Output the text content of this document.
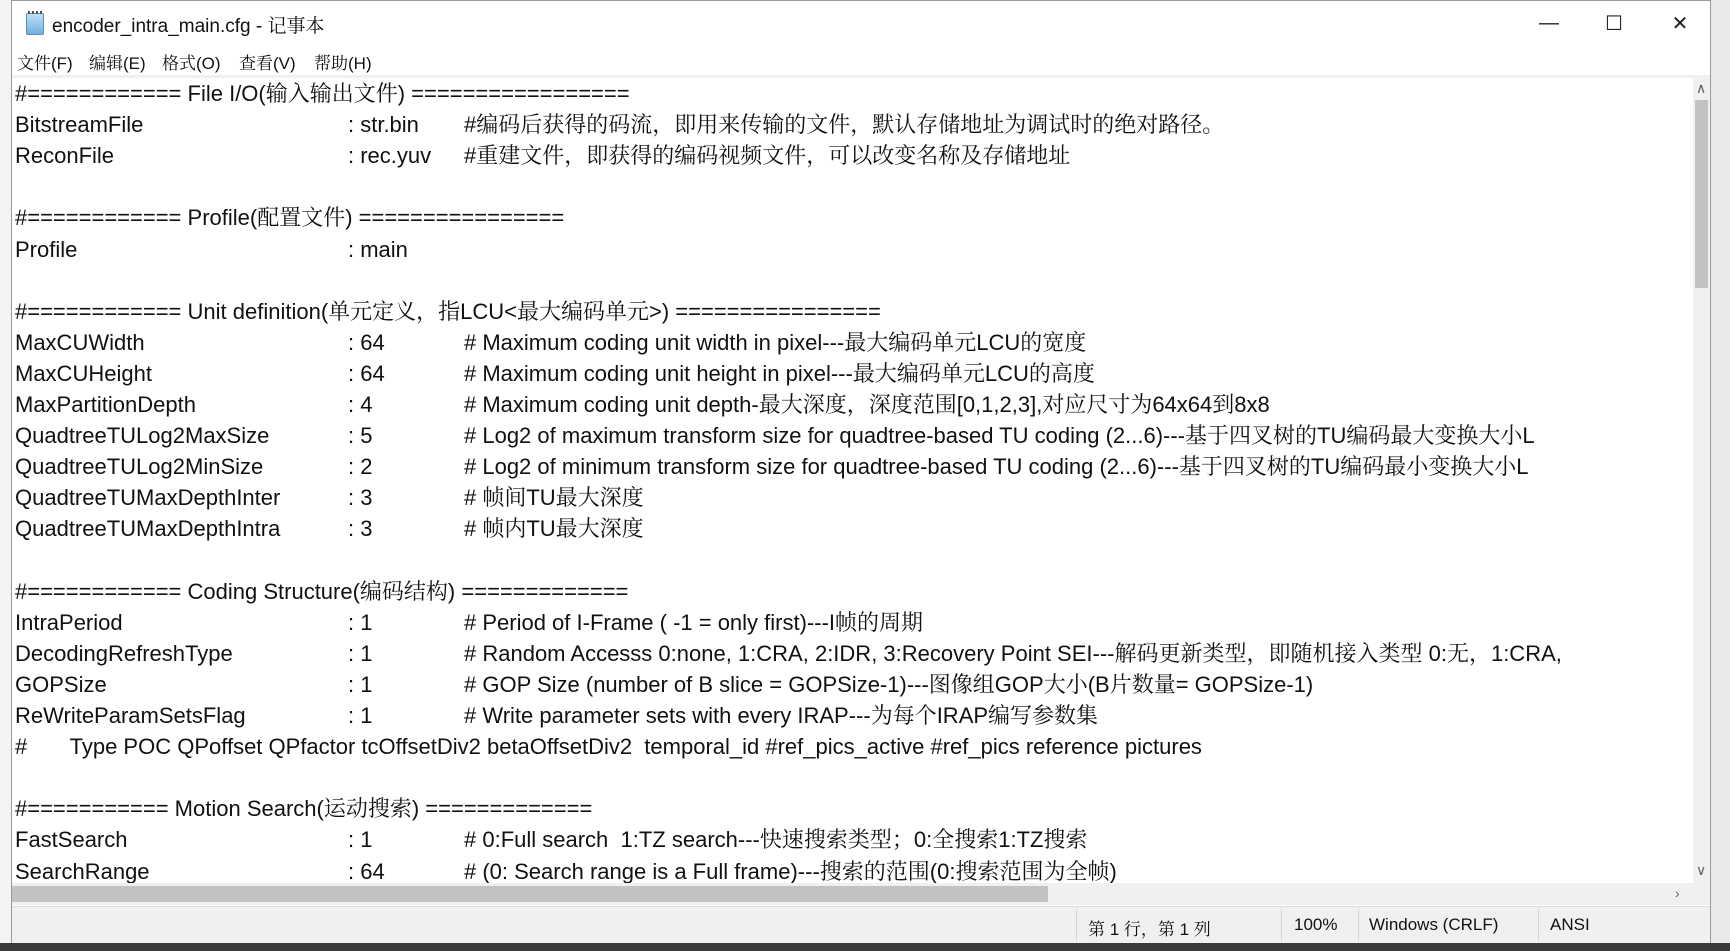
encoder_intra_main.cfg - 记事本	—	☐	✕
文件(F) 编辑(E) 格式(O) 查看(V) 帮助(H)
#============ File I/O(输入输出文件) =================
BitstreamFile	: str.bin #编码后获得的码流，即用来传输的文件，默认存储地址为调试时的绝对路径。
ReconFile	: rec.yuv #重建文件，即获得的编码视频文件，可以改变名称及存储地址
#============ Profile(配置文件) ================
Profile	: main
#============ Unit definition(单元定义，指LCU<最大编码单元>) ================
MaxCUWidth	: 64	# Maximum coding unit width in pixel---最大编码单元LCU的宽度
MaxCUHeight	: 64	# Maximum coding unit height in pixel---最大编码单元LCU的高度
MaxPartitionDepth	: 4	# Maximum coding unit depth-最大深度，深度范围[0,1,2,3],对应尺寸为64x64到8x8
QuadtreeTULog2MaxSize	: 5	# Log2 of maximum transform size for quadtree-based TU coding (2...6)---基于四叉树的TU编码最大变换大小L
QuadtreeTULog2MinSize	: 2	# Log2 of minimum transform size for quadtree-based TU coding (2...6)---基于四叉树的TU编码最小变换大小L
QuadtreeTUMaxDepthInter	: 3	# 帧间TU最大深度
QuadtreeTUMaxDepthIntra	: 3	# 帧内TU最大深度
#============ Coding Structure(编码结构) =============
IntraPeriod	: 1	# Period of I-Frame ( -1 = only first)---I帧的周期
DecodingRefreshType	: 1	# Random Accesss 0:none, 1:CRA, 2:IDR, 3:Recovery Point SEI---解码更新类型，即随机接入类型 0:无，1:CRA,
GOPSize	: 1	# GOP Size (number of B slice = GOPSize-1)---图像组GOP大小(B片数量= GOPSize-1)
ReWriteParamSetsFlag	: 1	# Write parameter sets with every IRAP---为每个IRAP编写参数集
#       Type POC QPoffset QPfactor tcOffsetDiv2 betaOffsetDiv2  temporal_id #ref_pics_active #ref_pics reference pictures
#=========== Motion Search(运动搜索) =============
FastSearch	: 1	# 0:Full search  1:TZ search---快速搜索类型；0:全搜索1:TZ搜索
SearchRange	: 64	# (0: Search range is a Full frame)---搜索的范围(0:搜索范围为全帧)
∧
∨
›
第 1 行，第 1 列	100% Windows (CRLF)	ANSI
